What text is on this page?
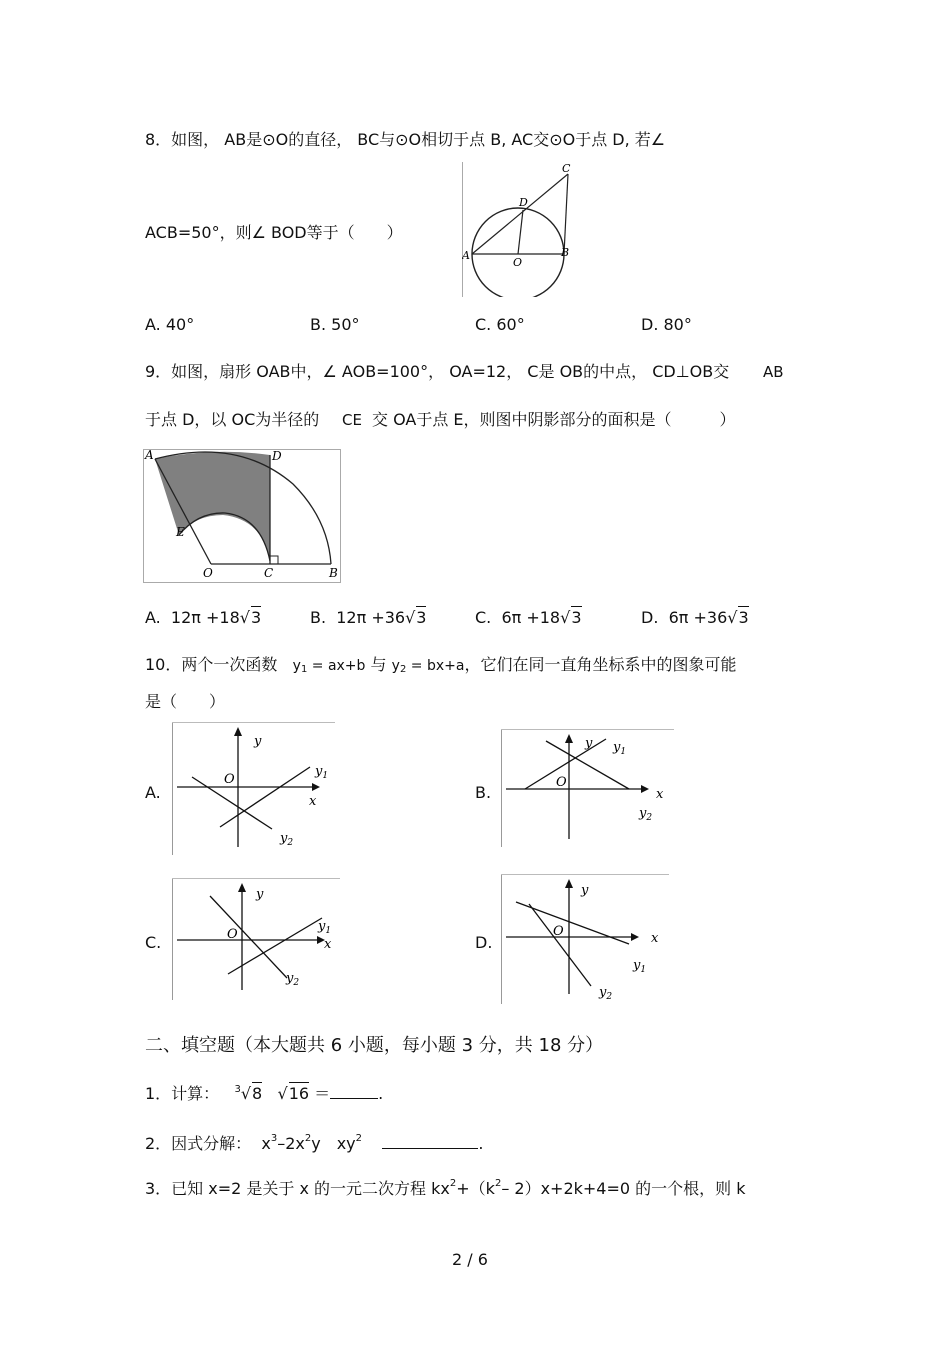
8．如图， AB是⊙O的直径， BC与⊙O相切于点 B, AC交⊙O于点 D, 若∠
ACB=50°，则∠ BOD等于（　　）
A	B
C
D
O
A. 40°	B. 50°	C. 60°	D. 80°
9．如图，扇形 OAB中，∠ AOB=100°， OA=12， C是 OB的中点， CD⊥OB交 AB
于点 D，以 OC为半径的 CE 交 OA于点 E，则图中阴影部分的面积是（　　　）
A	D
E
O	C	B
A. 12π +18√3	B. 12π +36√3	C. 6π +18√3	D. 6π +36√3
10．两个一次函数 $y_1 = ax+b$ 与 $y_2 = bx+a$，它们在同一直角坐标系中的图象可能
是（　　）
A.	B.
C.	D.
y
O
x
$y_1$
$y_2$
y
O
x
$y_1$
$y_2$
y
O
x
$y_1$
$y_2$
y
O	x
$y_1$
$y_2$
二、填空题（本大题共 6 小题，每小题 3 分，共 18 分）
1．计算： $^3$√8 √16 ＝	.
2．因式分解： $x^3-2x^2y$　$xy^2$	.
3．已知 x=2 是关于 x 的一元二次方程 $kx^2+(k^2-$ 2）x+2k+4=0 的一个根，则 k
2 / 6
